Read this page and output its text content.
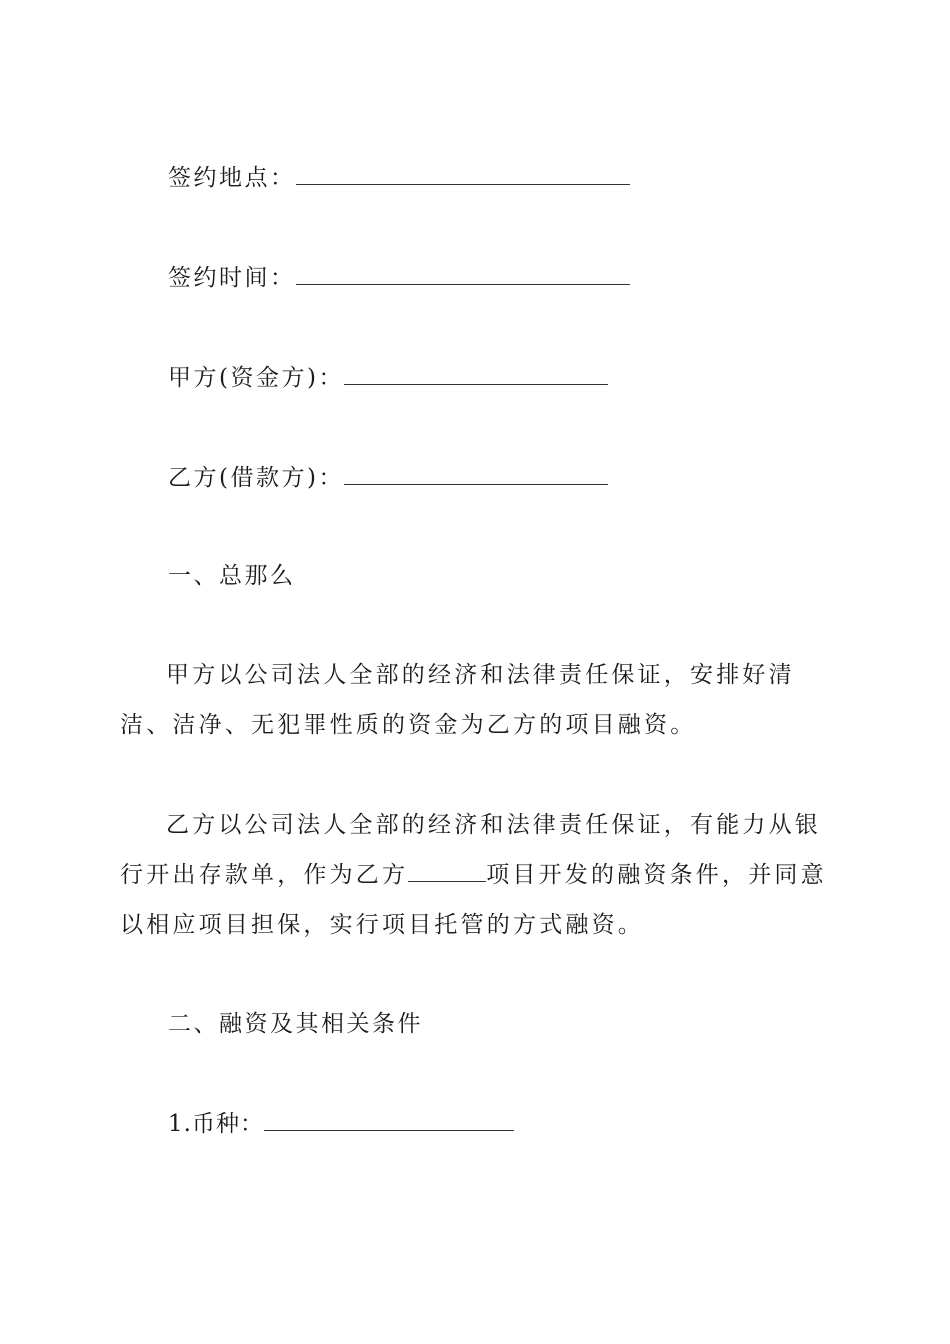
签约地点：
签约时间：
甲方(资金方)：
乙方(借款方)：
一、总那么
甲方以公司法人全部的经济和法律责任保证，安排好清洁、洁净、无犯罪性质的资金为乙方的项目融资。
乙方以公司法人全部的经济和法律责任保证，有能力从银行开出存款单，作为乙方	项目开发的融资条件，并同意以相应项目担保，实行项目托管的方式融资。
二、融资及其相关条件
1.币种：
